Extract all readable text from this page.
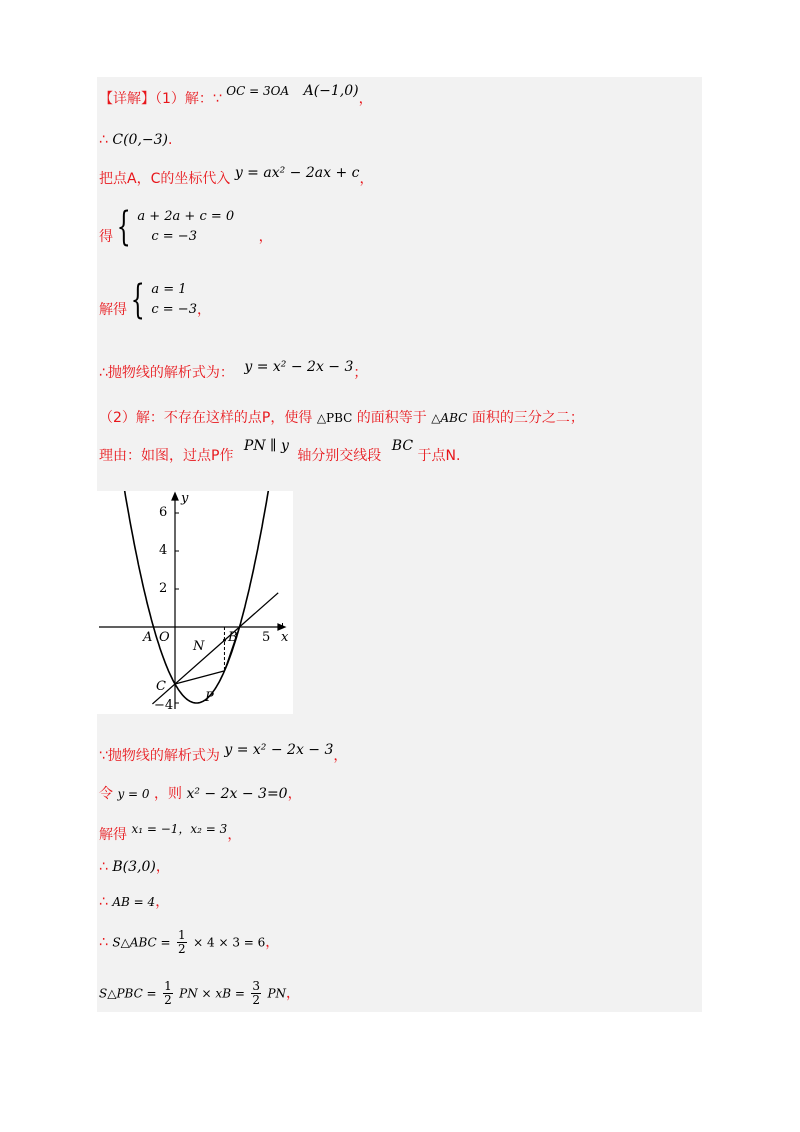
【详解】（1）解：∵ OC = 3OA A(−1,0)，
∴ C(0,−3).
把点A，C的坐标代入 y = ax² − 2ax + c，
得 { a + 2a + c = 0
c = −3	，
解得 { a = 1
c = −3 ，
∴抛物线的解析式为： y = x² − 2x − 3；
（2）解：不存在这样的点P，使得 △PBC 的面积等于 △ABC 面积的三分之二；
理由：如图，过点P作 PN ∥ y 轴分别交线段 BC 于点N.
y
x
O
6
4
2
−4
5
A	B
C
N
P
∵抛物线的解析式为 y = x² − 2x − 3，
令 y = 0 ，则 x² − 2x − 3=0，
解得 x₁ = −1，x₂ = 3，
∴ B(3,0)，
∴ AB = 4，
∴ S△ABC = $\frac{1}{2} \times 4 \times 3 = 6$，
S△PBC = $\frac{1}{2}$ PN × xB = $\frac{3}{2}$ PN，
